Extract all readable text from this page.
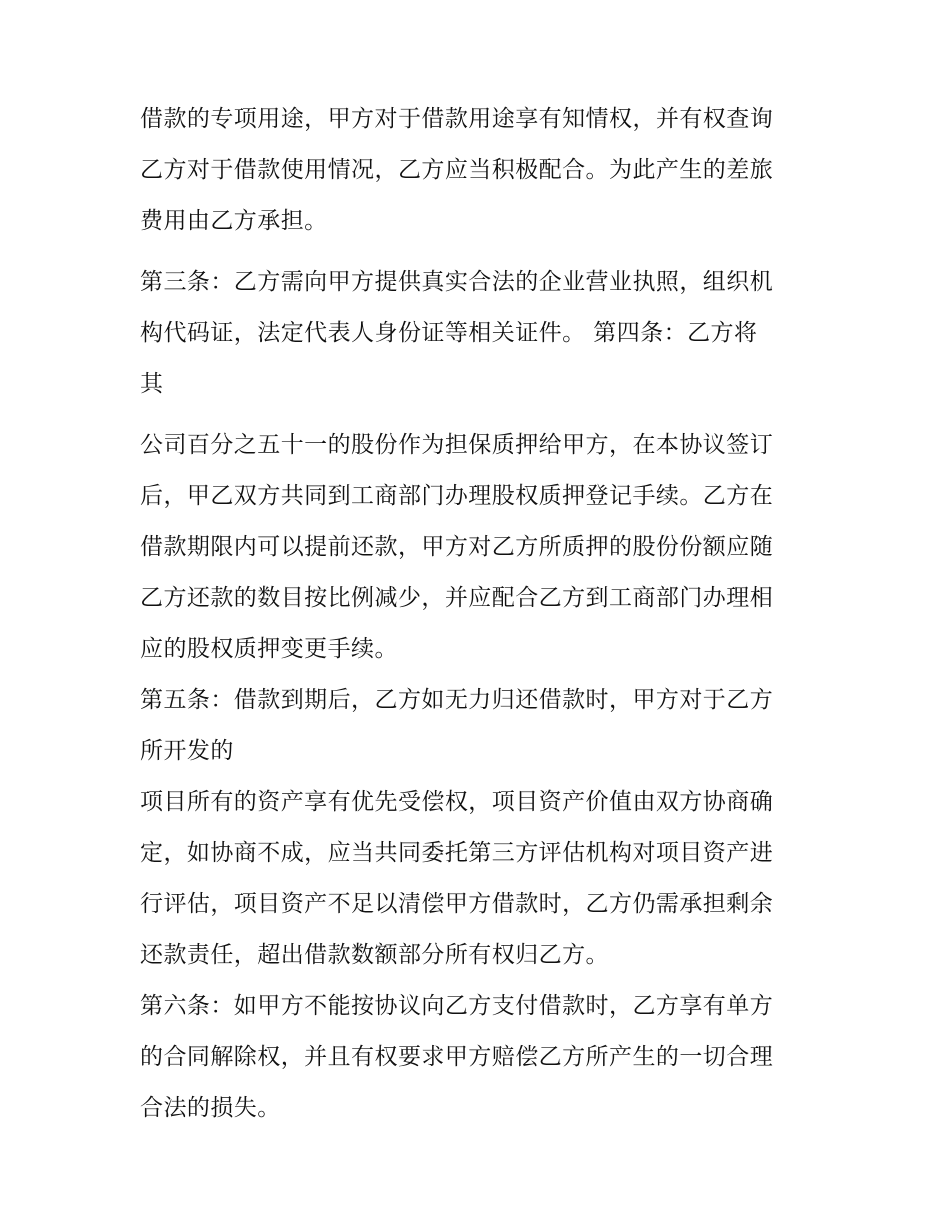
借款的专项用途，甲方对于借款用途享有知情权，并有权查询
乙方对于借款使用情况，乙方应当积极配合。为此产生的差旅
费用由乙方承担。
第三条：乙方需向甲方提供真实合法的企业营业执照，组织机
构代码证，法定代表人身份证等相关证件。 第四条：乙方将
其
公司百分之五十一的股份作为担保质押给甲方，在本协议签订
后，甲乙双方共同到工商部门办理股权质押登记手续。乙方在
借款期限内可以提前还款，甲方对乙方所质押的股份份额应随
乙方还款的数目按比例减少，并应配合乙方到工商部门办理相
应的股权质押变更手续。
第五条：借款到期后，乙方如无力归还借款时，甲方对于乙方
所开发的
项目所有的资产享有优先受偿权，项目资产价值由双方协商确
定，如协商不成，应当共同委托第三方评估机构对项目资产进
行评估，项目资产不足以清偿甲方借款时，乙方仍需承担剩余
还款责任，超出借款数额部分所有权归乙方。
第六条：如甲方不能按协议向乙方支付借款时，乙方享有单方
的合同解除权，并且有权要求甲方赔偿乙方所产生的一切合理
合法的损失。
